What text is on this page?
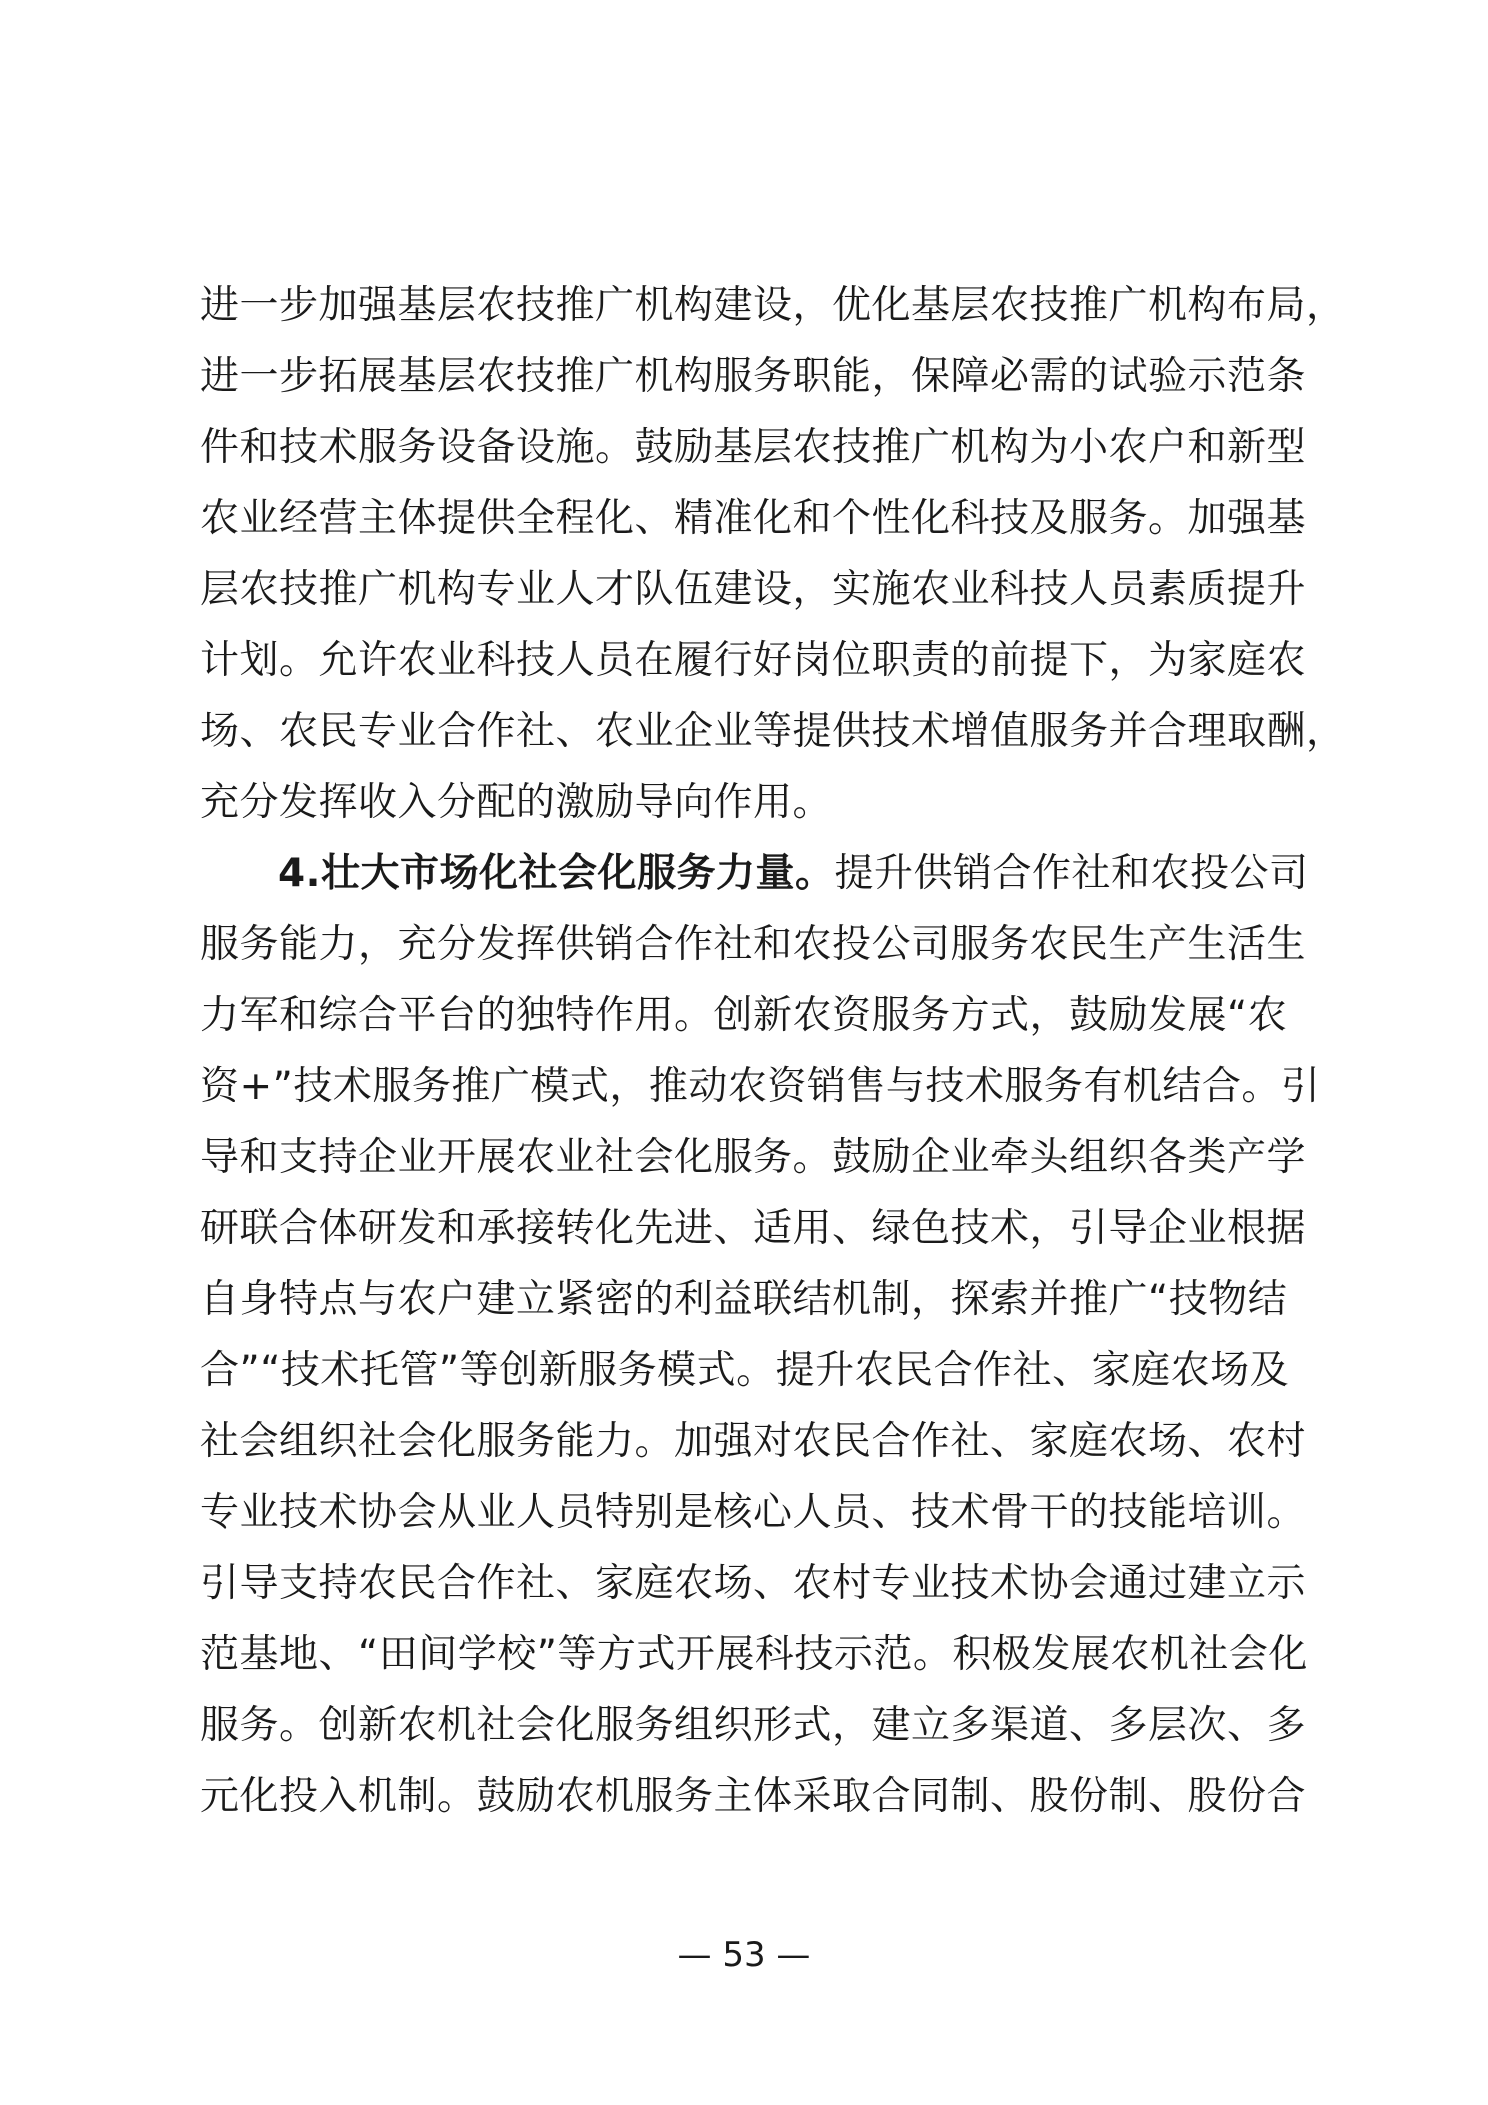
进一步加强基层农技推广机构建设，优化基层农技推广机构布局，
进一步拓展基层农技推广机构服务职能，保障必需的试验示范条
件和技术服务设备设施。鼓励基层农技推广机构为小农户和新型
农业经营主体提供全程化、精准化和个性化科技及服务。加强基
层农技推广机构专业人才队伍建设，实施农业科技人员素质提升
计划。允许农业科技人员在履行好岗位职责的前提下，为家庭农
场、农民专业合作社、农业企业等提供技术增值服务并合理取酬，
充分发挥收入分配的激励导向作用。
4.壮大市场化社会化服务力量。提升供销合作社和农投公司
服务能力，充分发挥供销合作社和农投公司服务农民生产生活生
力军和综合平台的独特作用。创新农资服务方式，鼓励发展“农
资+”技术服务推广模式，推动农资销售与技术服务有机结合。引
导和支持企业开展农业社会化服务。鼓励企业牵头组织各类产学
研联合体研发和承接转化先进、适用、绿色技术，引导企业根据
自身特点与农户建立紧密的利益联结机制，探索并推广“技物结
合”“技术托管”等创新服务模式。提升农民合作社、家庭农场及
社会组织社会化服务能力。加强对农民合作社、家庭农场、农村
专业技术协会从业人员特别是核心人员、技术骨干的技能培训。
引导支持农民合作社、家庭农场、农村专业技术协会通过建立示
范基地、“田间学校”等方式开展科技示范。积极发展农机社会化
服务。创新农机社会化服务组织形式，建立多渠道、多层次、多
元化投入机制。鼓励农机服务主体采取合同制、股份制、股份合
— 53 —
